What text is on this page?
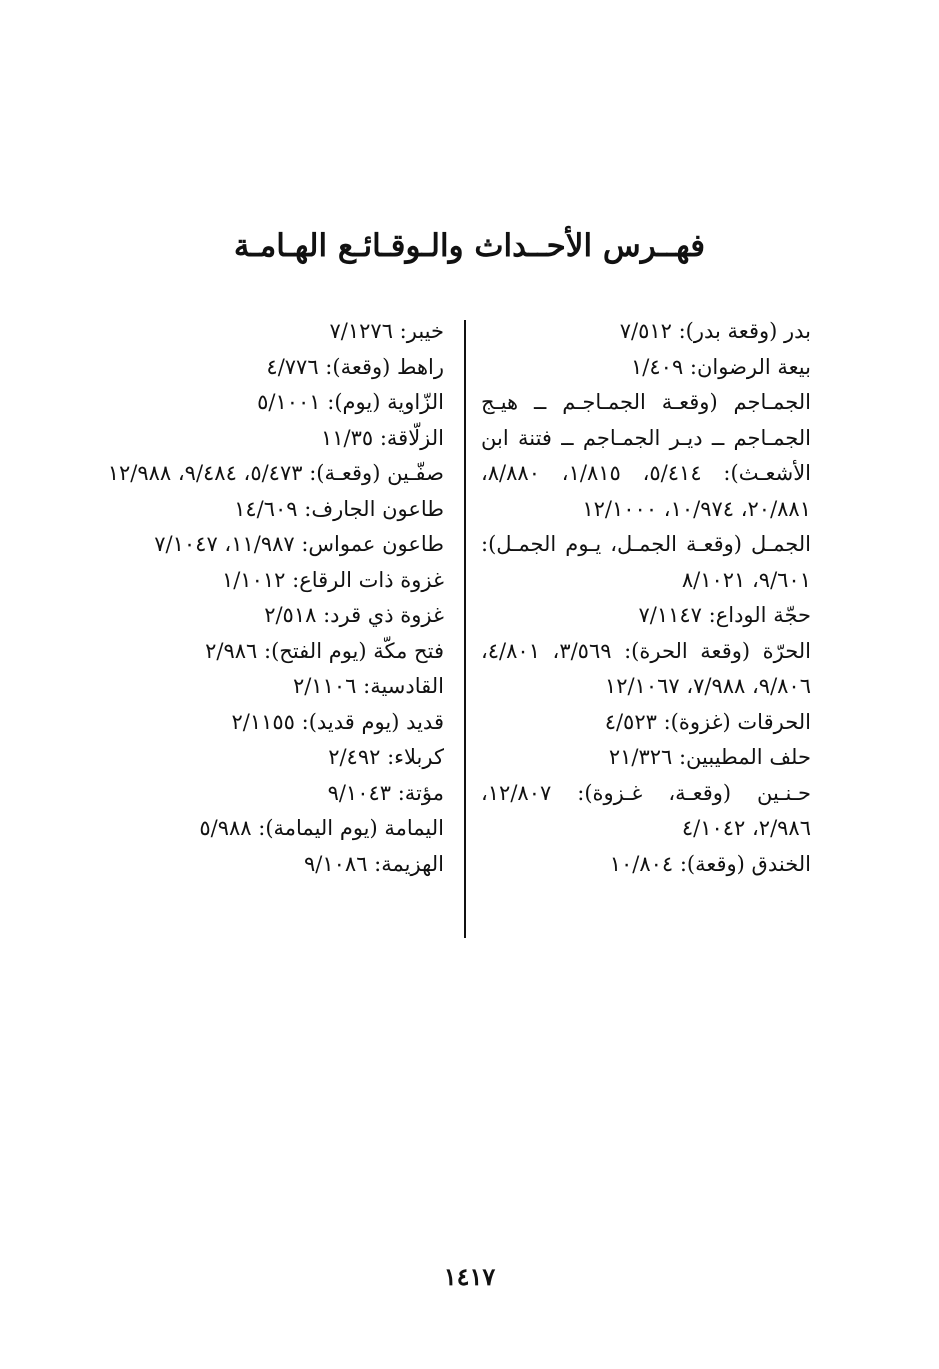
فهــرس الأحــداث والـوقـائـع الهـامـة
بدر (وقعة بدر): ٧/٥١٢
بيعة الرضوان: ١/٤٠٩
الجمـاجم (وقعـة الجمـاجـم ــ هيـج الجمـاجم ــ ديـر الجمـاجم ــ فتنة ابن الأشعـث): ٥/٤١٤، ١/٨١٥، ٨/٨٨٠، ٢٠/٨٨١، ١٠/٩٧٤، ١٢/١٠٠٠
الجمـل (وقعـة الجمـل، يـوم الجمـل): ٩/٦٠١، ٨/١٠٢١
حجّة الوداع: ٧/١١٤٧
الحرّة (وقعة الحرة): ٣/٥٦٩، ٤/٨٠١، ٩/٨٠٦، ٧/٩٨٨، ١٢/١٠٦٧
الحرقات (غزوة): ٤/٥٢٣
حلف المطيبين: ٢١/٣٢٦
حـنـين (وقعـة، غـزوة): ١٢/٨٠٧، ٢/٩٨٦، ٤/١٠٤٢
الخندق (وقعة): ١٠/٨٠٤
خيبر: ٧/١٢٧٦
راهط (وقعة): ٤/٧٧٦
الزّاوية (يوم): ٥/١٠٠١
الزلّاقة: ١١/٣٥
صفّـين (وقعـة): ٥/٤٧٣، ٩/٤٨٤، ١٢/٩٨٨
طاعون الجارف: ١٤/٦٠٩
طاعون عمواس: ١١/٩٨٧، ٧/١٠٤٧
غزوة ذات الرقاع: ١/١٠١٢
غزوة ذي قرد: ٢/٥١٨
فتح مكّة (يوم الفتح): ٢/٩٨٦
القادسية: ٢/١١٠٦
قديد (يوم قديد): ٢/١١٥٥
كربلاء: ٢/٤٩٢
مؤتة: ٩/١٠٤٣
اليمامة (يوم اليمامة): ٥/٩٨٨
الهزيمة: ٩/١٠٨٦
١٤١٧
